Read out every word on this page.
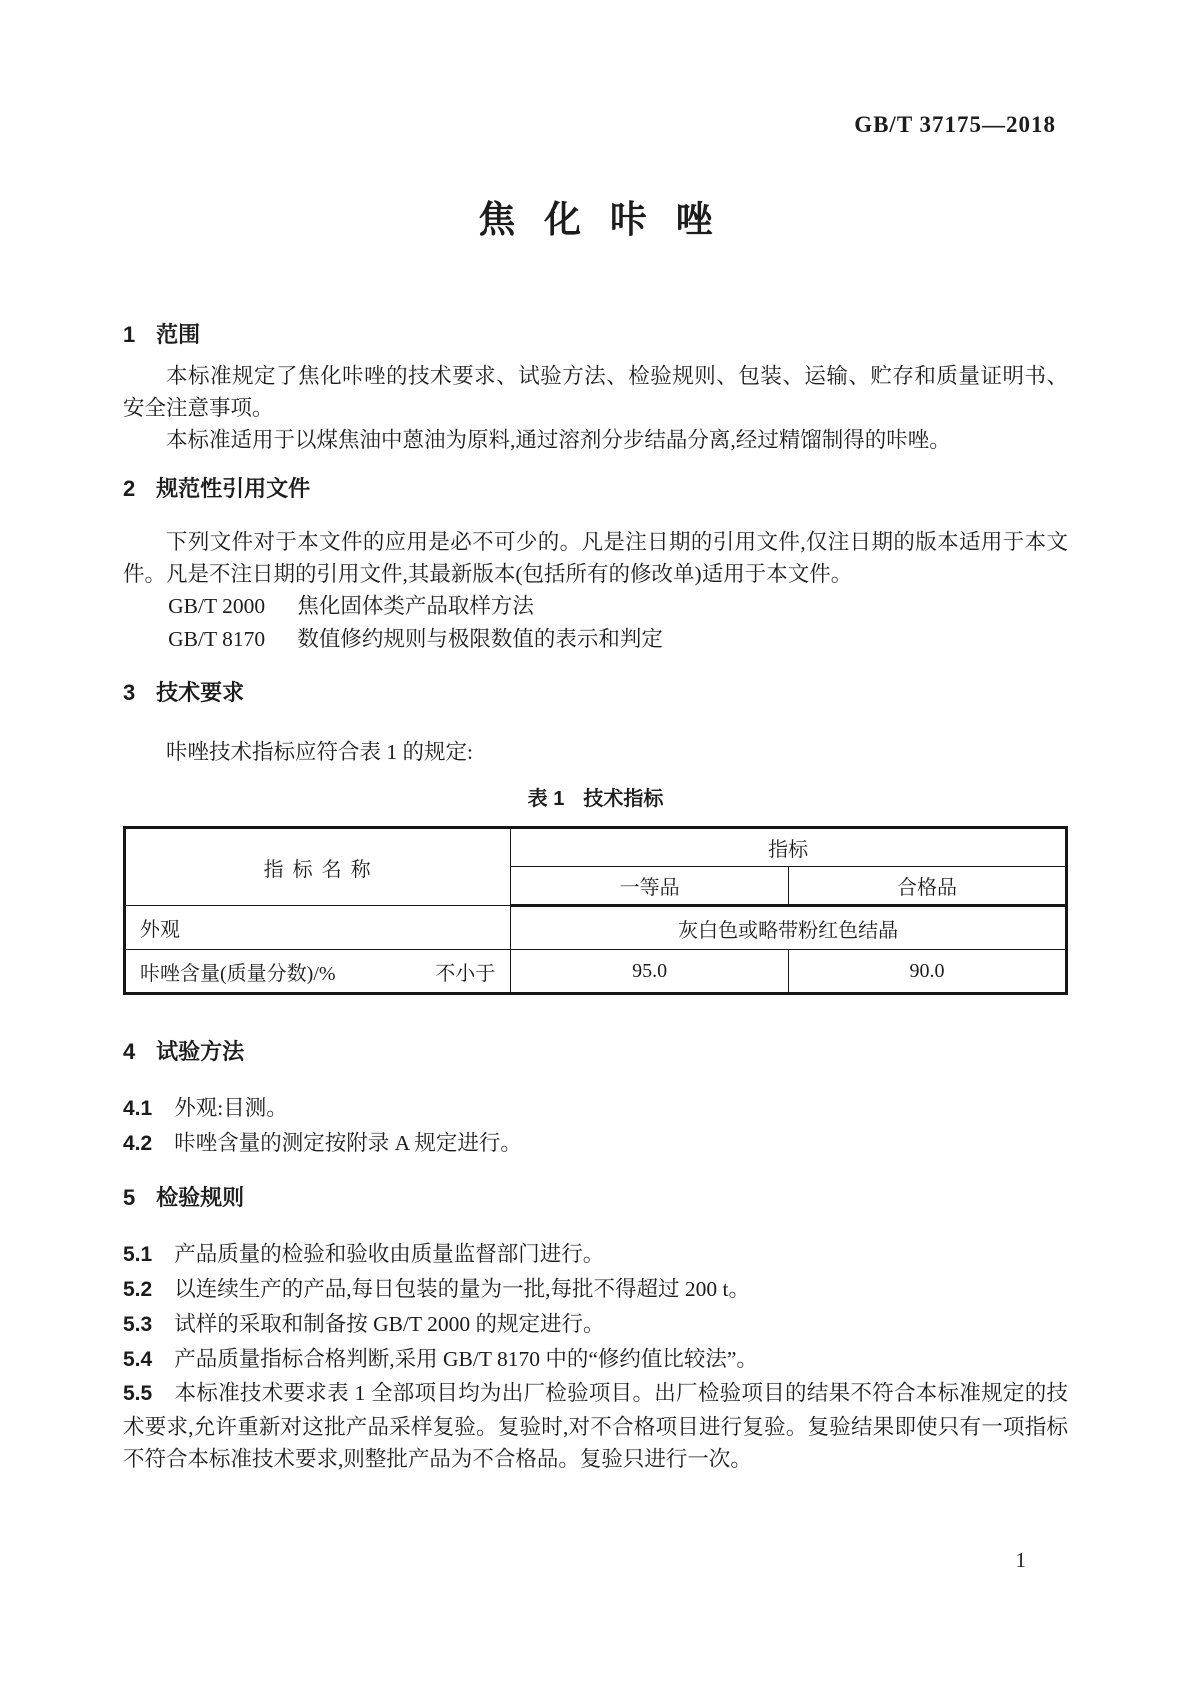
GB/T 37175—2018
焦化咔唑
1 范围

本标准规定了焦化咔唑的技术要求、试验方法、检验规则、包装、运输、贮存和质量证明书、安全注意事项。

本标准适用于以煤焦油中蒽油为原料,通过溶剂分步结晶分离,经过精馏制得的咔唑。

2 规范性引用文件

下列文件对于本文件的应用是必不可少的。凡是注日期的引用文件,仅注日期的版本适用于本文件。凡是不注日期的引用文件,其最新版本(包括所有的修改单)适用于本文件。

GB/T 2000 焦化固体类产品取样方法
GB/T 8170 数值修约规则与极限数值的表示和判定
3 技术要求

咔唑技术指标应符合表 1 的规定:

表 1 技术指标
指 标 名 称	指标	
	一等品	合格品
外观	灰白色或略带粉红色结晶	

咔唑含量(质量分数)/% 不小于	95.0	90.0
4 试验方法

4.1 外观:目测。

4.2 咔唑含量的测定按附录 A 规定进行。

5 检验规则

5.1 产品质量的检验和验收由质量监督部门进行。

5.2 以连续生产的产品,每日包装的量为一批,每批不得超过 200 t。

5.3 试样的采取和制备按 GB/T 2000 的规定进行。

5.4 产品质量指标合格判断,采用 GB/T 8170 中的“修约值比较法”。

5.5 本标准技术要求表 1 全部项目均为出厂检验项目。出厂检验项目的结果不符合本标准规定的技术要求,允许重新对这批产品采样复验。复验时,对不合格项目进行复验。复验结果即使只有一项指标不符合本标准技术要求,则整批产品为不合格品。复验只进行一次。

1
